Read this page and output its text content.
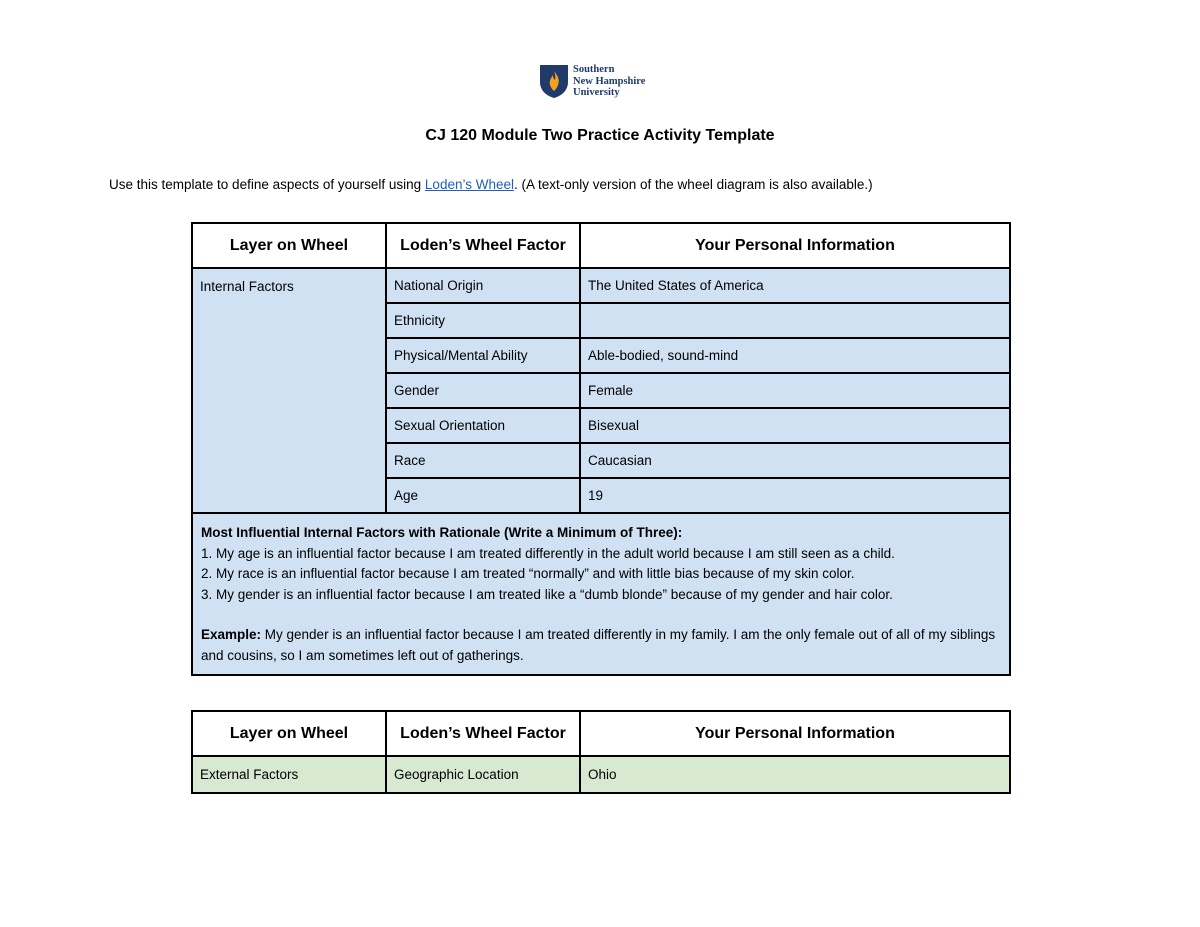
Southern
New Hampshire
University
CJ 120 Module Two Practice Activity Template
Use this template to define aspects of yourself using Loden’s Wheel. (A text-only version of the wheel diagram is also available.)
Layer on Wheel	Loden’s Wheel Factor	Your Personal Information
Internal Factors	National Origin	The United States of America
	Ethnicity	
	Physical/Mental Ability	Able-bodied, sound-mind
	Gender	Female
	Sexual Orientation	Bisexual
	Race	Caucasian
	Age	19

Most Influential Internal Factors with Rationale (Write a Minimum of Three):
1. My age is an influential factor because I am treated differently in the adult world because I am still seen as a child.
2. My race is an influential factor because I am treated “normally” and with little bias because of my skin color.
3. My gender is an influential factor because I am treated like a “dumb blonde” because of my gender and hair color.
Example: My gender is an influential factor because I am treated differently in my family. I am the only female out of all of my siblings and cousins, so I am sometimes left out of gatherings.		
Layer on Wheel	Loden’s Wheel Factor	Your Personal Information
External Factors	Geographic Location	Ohio
